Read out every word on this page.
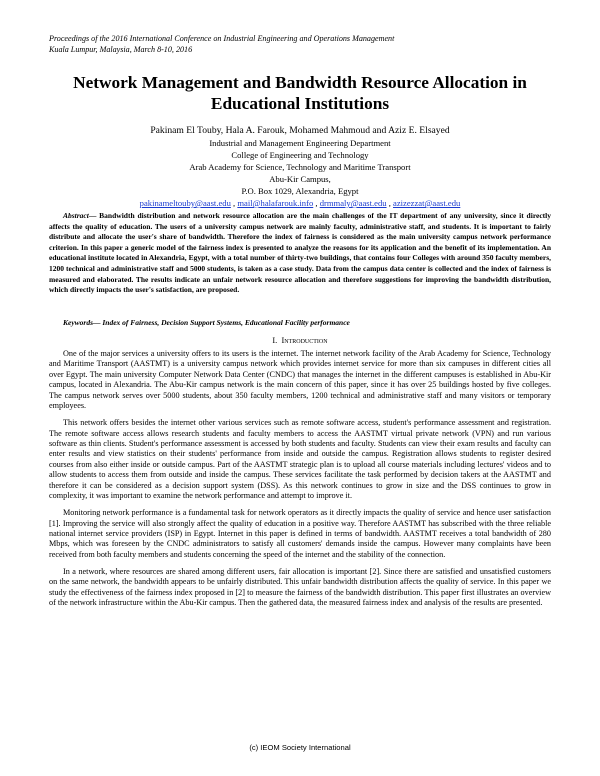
Proceedings of the 2016 International Conference on Industrial Engineering and Operations Management
Kuala Lumpur, Malaysia, March 8-10, 2016
Network Management and Bandwidth Resource Allocation in
Educational Institutions
Pakinam El Touby, Hala A. Farouk, Mohamed Mahmoud and Aziz E. Elsayed
Industrial and Management Engineering Department
College of Engineering and Technology
Arab Academy for Science, Technology and Maritime Transport
Abu-Kir Campus,
P.O. Box 1029, Alexandria, Egypt
pakinameltouby@aast.edu , mail@halafarouk.info , drmmaly@aast.edu , azizezzat@aast.edu
Abstract— Bandwidth distribution and network resource allocation are the main challenges of the IT department of any university, since it directly affects the quality of education. The users of a university campus network are mainly faculty, administrative staff, and students. It is important to fairly distribute and allocate the user's share of bandwidth. Therefore the index of fairness is considered as the main university campus network performance criterion. In this paper a generic model of the fairness index is presented to analyze the reasons for its application and the benefit of its implementation. An educational institute located in Alexandria, Egypt, with a total number of thirty-two buildings, that contains four Colleges with around 350 faculty members, 1200 technical and administrative staff and 5000 students, is taken as a case study. Data from the campus data center is collected and the index of fairness is measured and elaborated. The results indicate an unfair network resource allocation and therefore suggestions for improving the bandwidth distribution, which directly impacts the user's satisfaction, are proposed.
Keywords— Index of Fairness, Decision Support Systems, Educational Facility performance
I. Introduction

One of the major services a university offers to its users is the internet. The internet network facility of the Arab Academy for Science, Technology and Maritime Transport (AASTMT) is a university campus network which provides internet service for more than six campuses in different cities all over Egypt. The main university Computer Network Data Center (CNDC) that manages the internet in the different campuses is established in Abu-Kir campus, located in Alexandria. The Abu-Kir campus network is the main concern of this paper, since it has over 25 buildings hosted by five colleges. The campus network serves over 5000 students, about 350 faculty members, 1200 technical and administrative staff and many visitors or temporary employees.

This network offers besides the internet other various services such as remote software access, student's performance assessment and registration. The remote software access allows research students and faculty members to access the AASTMT virtual private network (VPN) and run various software as thin clients. Student's performance assessment is accessed by both students and faculty. Students can view their exam results and faculty can enter results and view statistics on their students' performance from inside and outside the campus. Registration allows students to register desired courses from also either inside or outside campus. Part of the AASTMT strategic plan is to upload all course materials including lectures' videos and to allow students to access them from outside and inside the campus. These services facilitate the task performed by decision takers at the AASTMT and therefore it can be considered as a decision support system (DSS). As this network continues to grow in size and the DSS continues to grow in complexity, it was important to examine the network performance and attempt to improve it.

Monitoring network performance is a fundamental task for network operators as it directly impacts the quality of service and hence user satisfaction [1]. Improving the service will also strongly affect the quality of education in a positive way. Therefore AASTMT has subscribed with the three reliable national internet service providers (ISP) in Egypt. Internet in this paper is defined in terms of bandwidth. AASTMT receives a total bandwidth of 280 Mbps, which was foreseen by the CNDC administrators to satisfy all customers' demands inside the campus. However many complaints have been received from both faculty members and students concerning the speed of the internet and the stability of the connection.

In a network, where resources are shared among different users, fair allocation is important [2]. Since there are satisfied and unsatisfied customers on the same network, the bandwidth appears to be unfairly distributed. This unfair bandwidth distribution affects the quality of service. In this paper we study the effectiveness of the fairness index proposed in [2] to measure the fairness of the bandwidth distribution. This paper first illustrates an overview of the network infrastructure within the Abu-Kir campus. Then the gathered data, the measured fairness index and analysis of the results are presented.

(c) IEOM Society International
